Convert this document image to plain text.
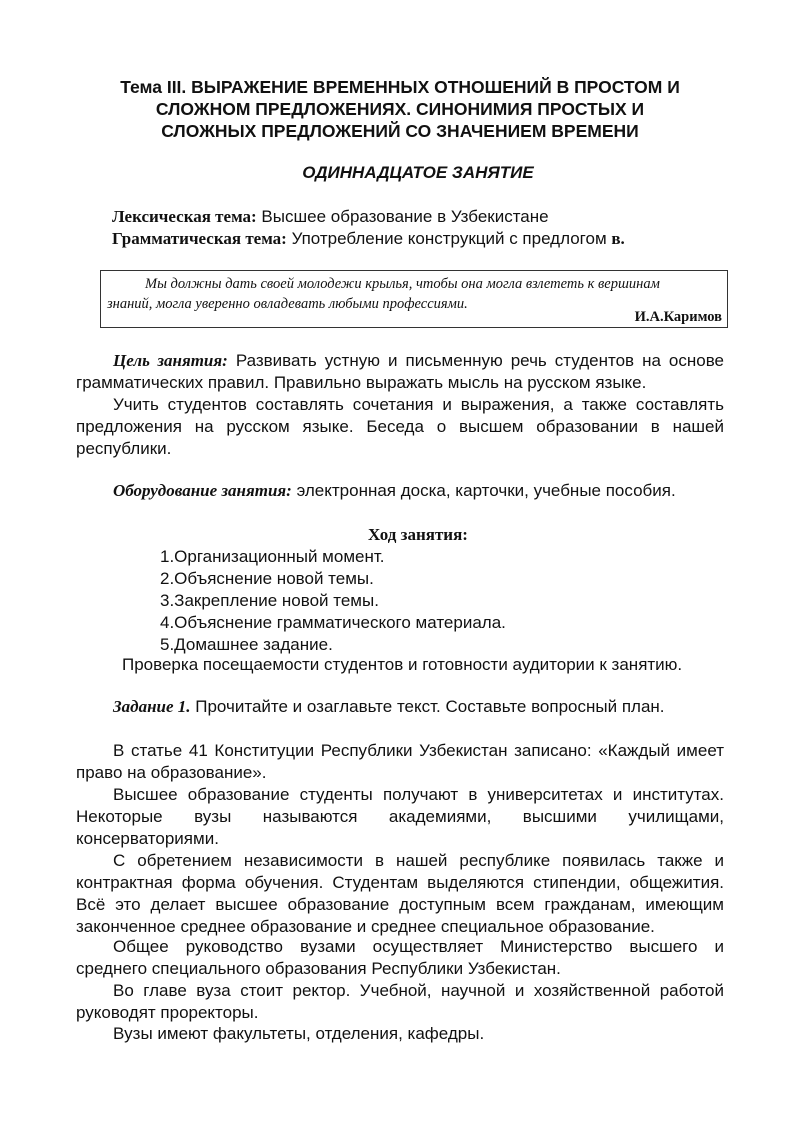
Тема III. ВЫРАЖЕНИЕ ВРЕМЕННЫХ ОТНОШЕНИЙ В ПРОСТОМ И
СЛОЖНОМ ПРЕДЛОЖЕНИЯХ. СИНОНИМИЯ ПРОСТЫХ И
СЛОЖНЫХ ПРЕДЛОЖЕНИЙ СО ЗНАЧЕНИЕМ ВРЕМЕНИ
ОДИННАДЦАТОЕ ЗАНЯТИЕ
Лексическая тема: Высшее образование в Узбекистане
Грамматическая тема: Употребление конструкций с предлогом в.
Мы должны дать своей молодежи крылья, чтобы она могла взлететь к вершинам
знаний, могла уверенно овладевать любыми профессиями.
И.А.Каримов
Цель занятия: Развивать устную и письменную речь студентов на основе грамматических правил. Правильно выражать мысль на русском языке.
Учить студентов составлять сочетания и выражения, а также составлять предложения на русском языке. Беседа о высшем образовании в нашей республики.
Оборудование занятия: электронная доска, карточки, учебные пособия.
Ход занятия:
1.Организационный момент.
2.Объяснение новой темы.
3.Закрепление новой темы.
4.Объяснение грамматического материала.
5.Домашнее задание.
Проверка посещаемости студентов и готовности аудитории к занятию.
Задание 1. Прочитайте и озаглавьте текст. Составьте вопросный план.
В статье 41 Конституции Республики Узбекистан записано: «Каждый имеет право на образование».
Высшее образование студенты получают в университетах и институтах. Некоторые вузы называются академиями, высшими училищами, консерваториями.
С обретением независимости в нашей республике появилась также и контрактная форма обучения. Студентам выделяются стипендии, общежития. Всё это делает высшее образование доступным всем гражданам, имеющим законченное среднее образование и среднее специальное образование.
Общее руководство вузами осуществляет Министерство высшего и среднего специального образования Республики Узбекистан.
Во главе вуза стоит ректор. Учебной, научной и хозяйственной работой руководят проректоры.
Вузы имеют факультеты, отделения, кафедры.
